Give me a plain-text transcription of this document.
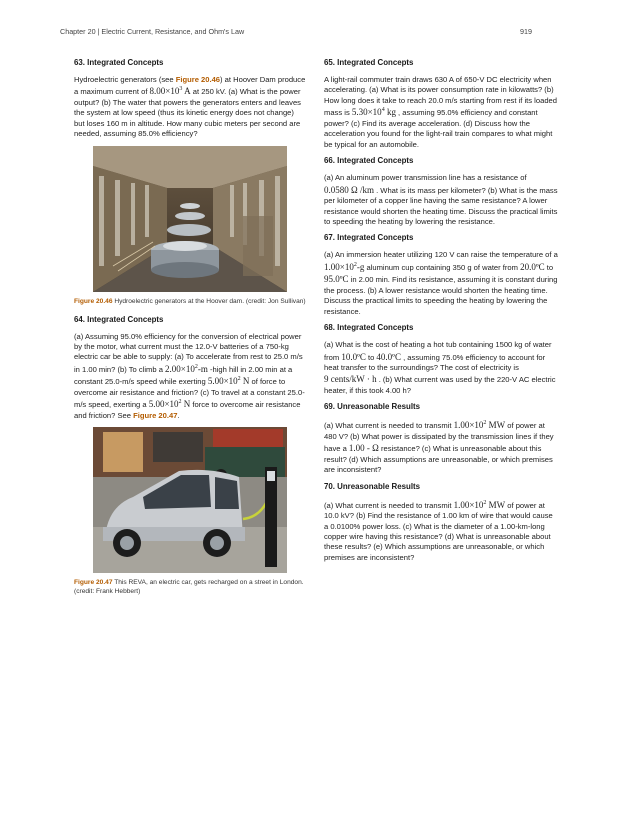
Chapter 20 | Electric Current, Resistance, and Ohm's Law	919
63. Integrated Concepts

Hydroelectric generators (see Figure 20.46) at Hoover Dam produce a maximum current of $8.00\times 10^3$ A at 250 kV. (a) What is the power output? (b) The water that powers the generators enters and leaves the system at low speed (thus its kinetic energy does not change) but loses 160 m in altitude. How many cubic meters per second are needed, assuming 85.0% efficiency?

Figure 20.46 Hydroelectric generators at the Hoover dam. (credit: Jon Sullivan)
64. Integrated Concepts

(a) Assuming 95.0% efficiency for the conversion of electrical power by the motor, what current must the 12.0-V batteries of a 750-kg electric car be able to supply: (a) To accelerate from rest to 25.0 m/s in 1.00 min? (b) To climb a $2.00\times 10^2-m$ -high hill in 2.00 min at a constant 25.0-m/s speed while exerting $5.00\times 10^2$ N of force to overcome air resistance and friction? (c) To travel at a constant 25.0-m/s speed, exerting a $5.00\times 10^2$ N force to overcome air resistance and friction? See Figure 20.47.

Figure 20.47 This REVA, an electric car, gets recharged on a street in London. (credit: Frank Hebbert)
65. Integrated Concepts

A light-rail commuter train draws 630 A of 650-V DC electricity when accelerating. (a) What is its power consumption rate in kilowatts? (b) How long does it take to reach 20.0 m/s starting from rest if its loaded mass is $5.30\times 10^4$ kg , assuming 95.0% efficiency and constant power? (c) Find its average acceleration. (d) Discuss how the acceleration you found for the light-rail train compares to what might be typical for an automobile.

66. Integrated Concepts

(a) An aluminum power transmission line has a resistance of 0.0580 Ω /km . What is its mass per kilometer? (b) What is the mass per kilometer of a copper line having the same resistance? A lower resistance would shorten the heating time. Discuss the practical limits to speeding the heating by lowering the resistance.

67. Integrated Concepts

(a) An immersion heater utilizing 120 V can raise the temperature of a $1.00\times 10^2-g$ aluminum cup containing 350 g of water from 20.0ºC to 95.0ºC in 2.00 min. Find its resistance, assuming it is constant during the process. (b) A lower resistance would shorten the heating time. Discuss the practical limits to speeding the heating by lowering the resistance.

68. Integrated Concepts

(a) What is the cost of heating a hot tub containing 1500 kg of water from 10.0ºC to 40.0ºC , assuming 75.0% efficiency to account for heat transfer to the surroundings? The cost of electricity is 9 cents/kW · h . (b) What current was used by the 220-V AC electric heater, if this took 4.00 h?

69. Unreasonable Results

(a) What current is needed to transmit $1.00\times 10^2$ MW of power at 480 V? (b) What power is dissipated by the transmission lines if they have a 1.00 - Ω resistance? (c) What is unreasonable about this result? (d) Which assumptions are unreasonable, or which premises are inconsistent?

70. Unreasonable Results

(a) What current is needed to transmit $1.00\times 10^2$ MW of power at 10.0 kV? (b) Find the resistance of 1.00 km of wire that would cause a 0.0100% power loss. (c) What is the diameter of a 1.00-km-long copper wire having this resistance? (d) What is unreasonable about these results? (e) Which assumptions are unreasonable, or which premises are inconsistent?
